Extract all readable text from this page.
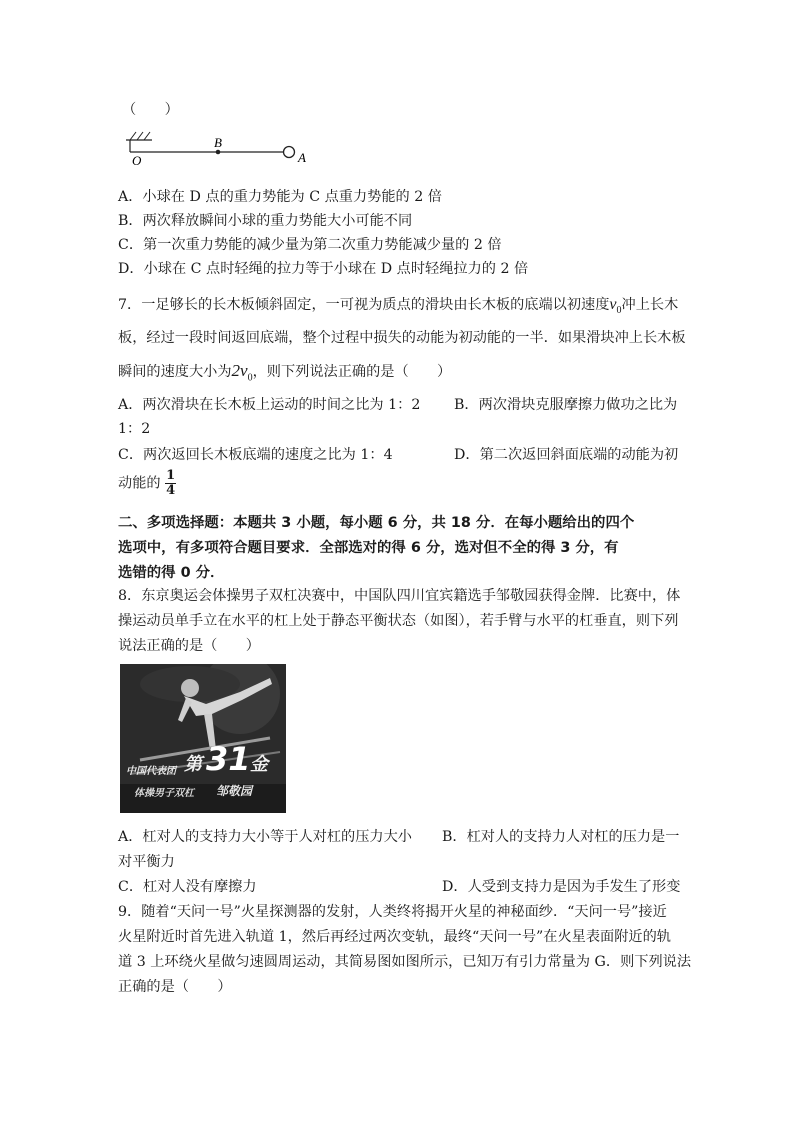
（　　）
O
B
A
A．小球在 D 点的重力势能为 C 点重力势能的 2 倍
B．两次释放瞬间小球的重力势能大小可能不同
C．第一次重力势能的减少量为第二次重力势能减少量的 2 倍
D．小球在 C 点时轻绳的拉力等于小球在 D 点时轻绳拉力的 2 倍
7．一足够长的长木板倾斜固定，一可视为质点的滑块由长木板的底端以初速度$v_0$冲上长木
板，经过一段时间返回底端，整个过程中损失的动能为初动能的一半．如果滑块冲上长木板
瞬间的速度大小为$2v_0$，则下列说法正确的是（　　）
A．两次滑块在长木板上运动的时间之比为 1：2 B．两次滑块克服摩擦力做功之比为
1：2
C．两次返回长木板底端的速度之比为 1：4	D．第二次返回斜面底端的动能为初
动能的 $\frac{1}{4}$
二、多项选择题：本题共 3 小题，每小题 6 分，共 18 分．在每小题给出的四个
选项中，有多项符合题目要求．全部选对的得 6 分，选对但不全的得 3 分，有
选错的得 0 分．
8．东京奥运会体操男子双杠决赛中，中国队四川宜宾籍选手邹敬园获得金牌．比赛中，体
操运动员单手立在水平的杠上处于静态平衡状态（如图），若手臂与水平的杠垂直，则下列
说法正确的是（　　）
中国代表团 第 31 金
体操男子双杠 邹敬园
A．杠对人的支持力大小等于人对杠的压力大小 B．杠对人的支持力人对杠的压力是一
对平衡力
C．杠对人没有摩擦力	D．人受到支持力是因为手发生了形变
9．随着“天问一号”火星探测器的发射，人类终将揭开火星的神秘面纱．“天问一号”接近
火星附近时首先进入轨道 1，然后再经过两次变轨，最终“天问一号”在火星表面附近的轨
道 3 上环绕火星做匀速圆周运动，其简易图如图所示，已知万有引力常量为 G．则下列说法
正确的是（　　）
